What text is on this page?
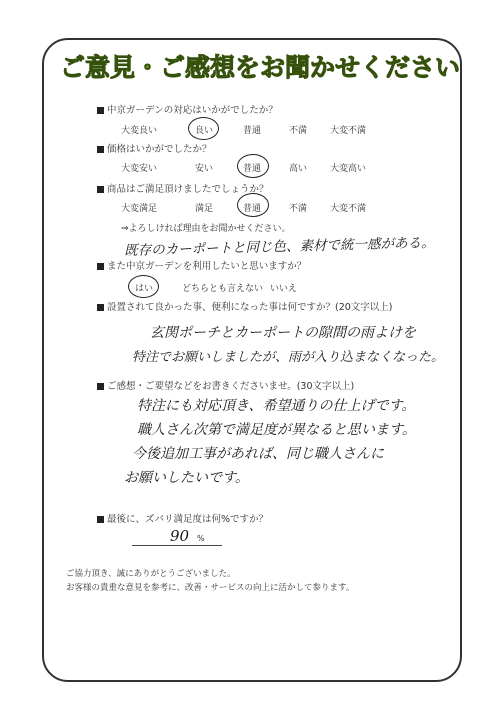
ご意見・ご感想をお聞かせください
中京ガーデンの対応はいかがでしたか？
大変良い	良い	普通	不満	大変不満
価格はいかがでしたか？
大変安い	安い	普通	高い	大変高い
商品はご満足頂けましたでしょうか？
大変満足	満足	普通	不満	大変不満
⇒よろしければ理由をお聞かせください。
既存のカーポートと同じ色、素材で統一感がある。
また中京ガーデンを利用したいと思いますか？
はい	どちらとも言えない いいえ
設置されて良かった事、便利になった事は何ですか？(20文字以上)
玄関ポーチとカーポートの隙間の雨よけを
特注でお願いしましたが、雨が入り込まなくなった。
ご感想・ご要望などをお書きくださいませ。(30文字以上)
特注にも対応頂き、希望通りの仕上げです。
職人さん次第で満足度が異なると思います。
今後追加工事があれば、同じ職人さんに
お願いしたいです。
最後に、ズバリ満足度は何%ですか？
90 %
ご協力頂き、誠にありがとうございました。
お客様の貴重な意見を参考に、改善・サービスの向上に活かして参ります。
